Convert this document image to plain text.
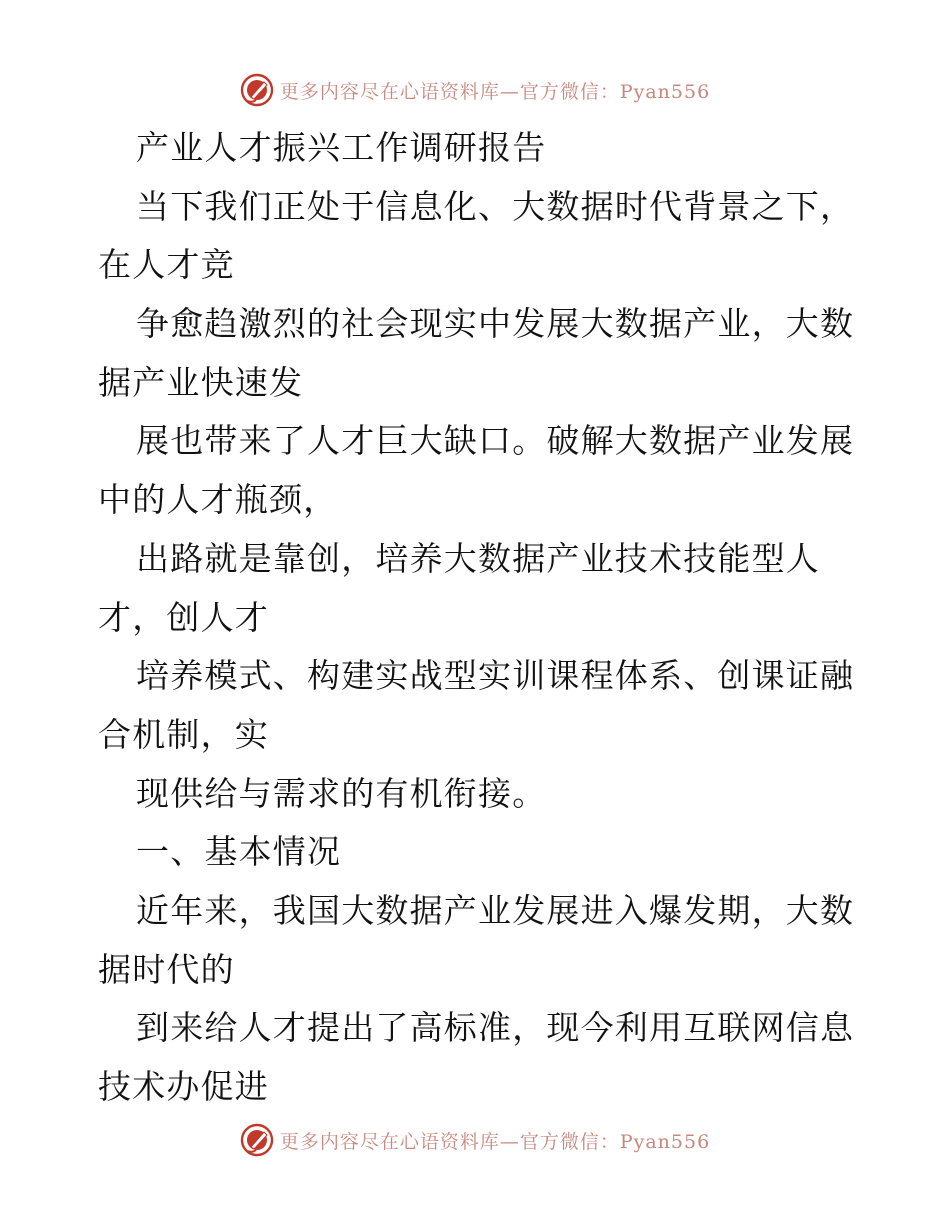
更多内容尽在心语资料库—官方微信：Pyan556

产业人才振兴工作调研报告

当下我们正处于信息化、大数据时代背景之下，

在人才竞

争愈趋激烈的社会现实中发展大数据产业，大数

据产业快速发

展也带来了人才巨大缺口。破解大数据产业发展

中的人才瓶颈，

出路就是靠创，培养大数据产业技术技能型人

才，创人才

培养模式、构建实战型实训课程体系、创课证融

合机制，实

现供给与需求的有机衔接。

一、基本情况

近年来，我国大数据产业发展进入爆发期，大数

据时代的

到来给人才提出了高标准，现今利用互联网信息

技术办促进

更多内容尽在心语资料库—官方微信：Pyan556
